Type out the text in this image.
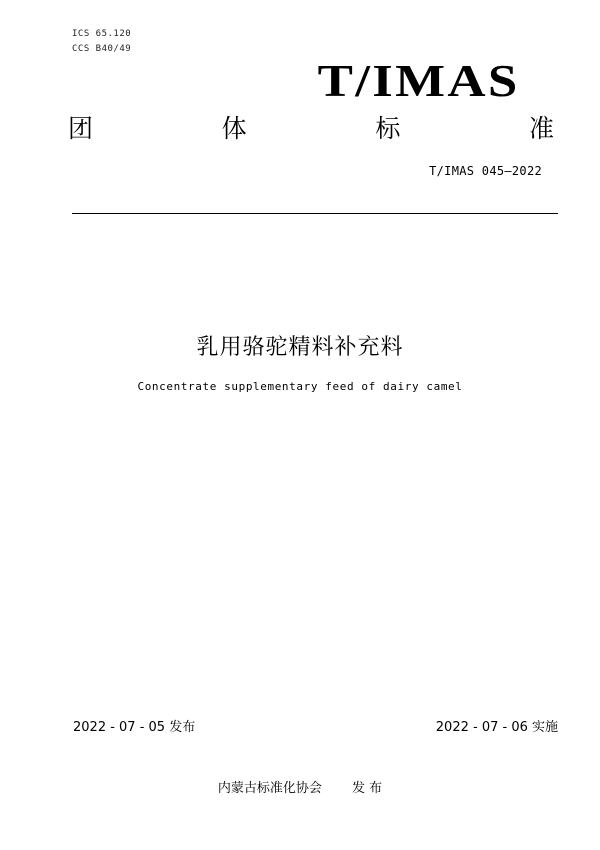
ICS 65.120
CCS B40/49
T/IMAS
团	体	标	准
T/IMAS 045—2022
乳用骆驼精料补充料
Concentrate supplementary feed of dairy camel
2022 - 07 - 05 发布	2022 - 07 - 06 实施
内蒙古标准化协会 发 布
